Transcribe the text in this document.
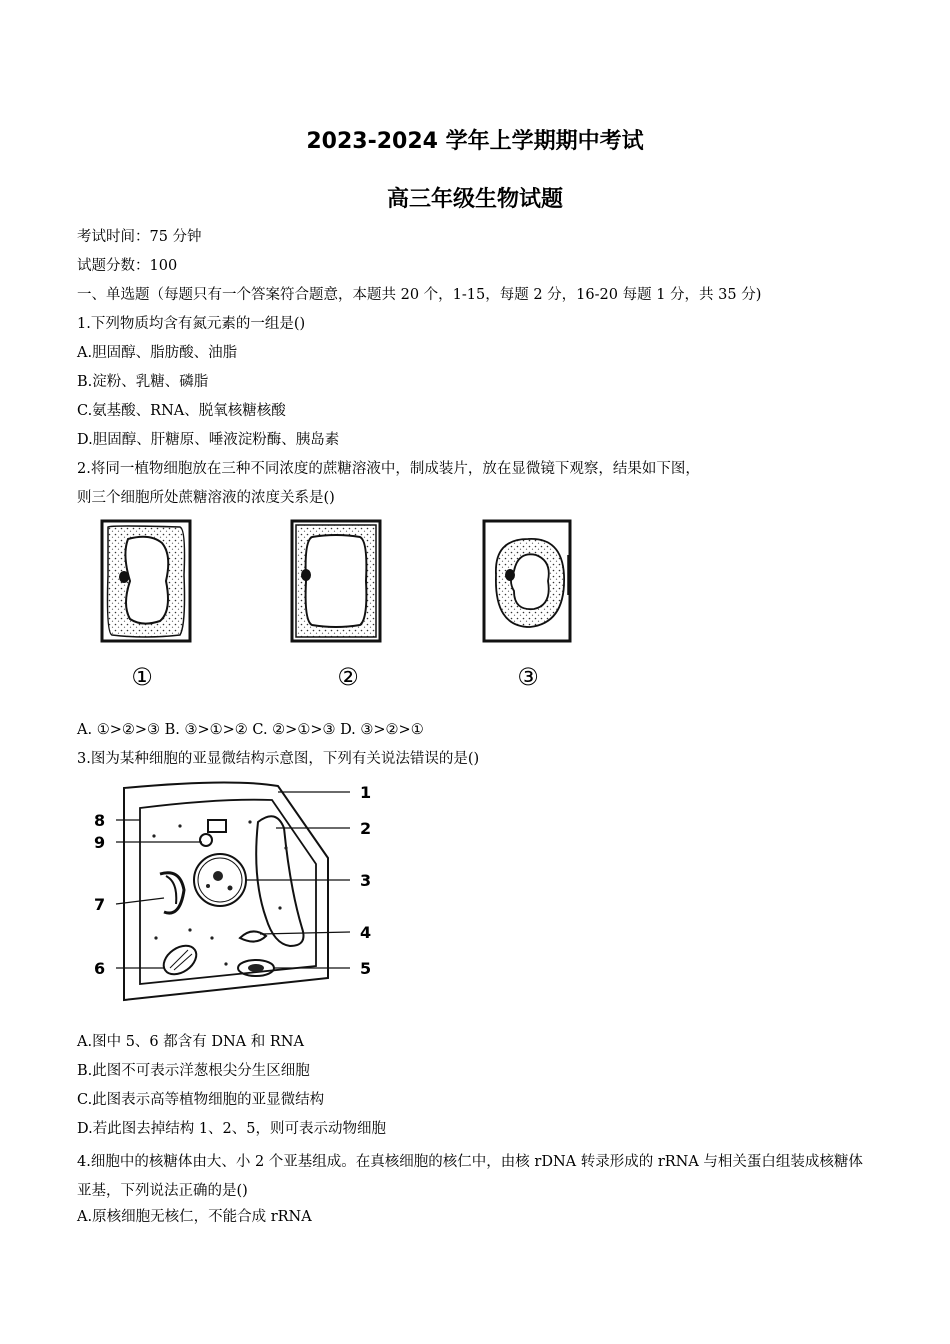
2023-2024 学年上学期期中考试
高三年级生物试题
考试时间：75 分钟
试题分数：100
一、单选题（每题只有一个答案符合题意，本题共 20 个，1-15，每题 2 分，16-20 每题 1 分，共 35 分)
1.下列物质均含有氮元素的一组是()
A.胆固醇、脂肪酸、油脂
B.淀粉、乳糖、磷脂
C.氨基酸、RNA、脱氧核糖核酸
D.胆固醇、肝糖原、唾液淀粉酶、胰岛素
2.将同一植物细胞放在三种不同浓度的蔗糖溶液中，制成装片，放在显微镜下观察，结果如下图，
则三个细胞所处蔗糖溶液的浓度关系是()
①	②	③
A. ①>②>③ B. ③>①>② C. ②>①>③ D. ③>②>①
3.图为某种细胞的亚显微结构示意图，下列有关说法错误的是()
1
2
3
4
5
6
7
8
9
A.图中 5、6 都含有 DNA 和 RNA
B.此图不可表示洋葱根尖分生区细胞
C.此图表示高等植物细胞的亚显微结构
D.若此图去掉结构 1、2、5，则可表示动物细胞
4.细胞中的核糖体由大、小 2 个亚基组成。在真核细胞的核仁中，由核 rDNA 转录形成的 rRNA 与相关蛋白组装成核糖体亚基，下列说法正确的是()
A.原核细胞无核仁，不能合成 rRNA
